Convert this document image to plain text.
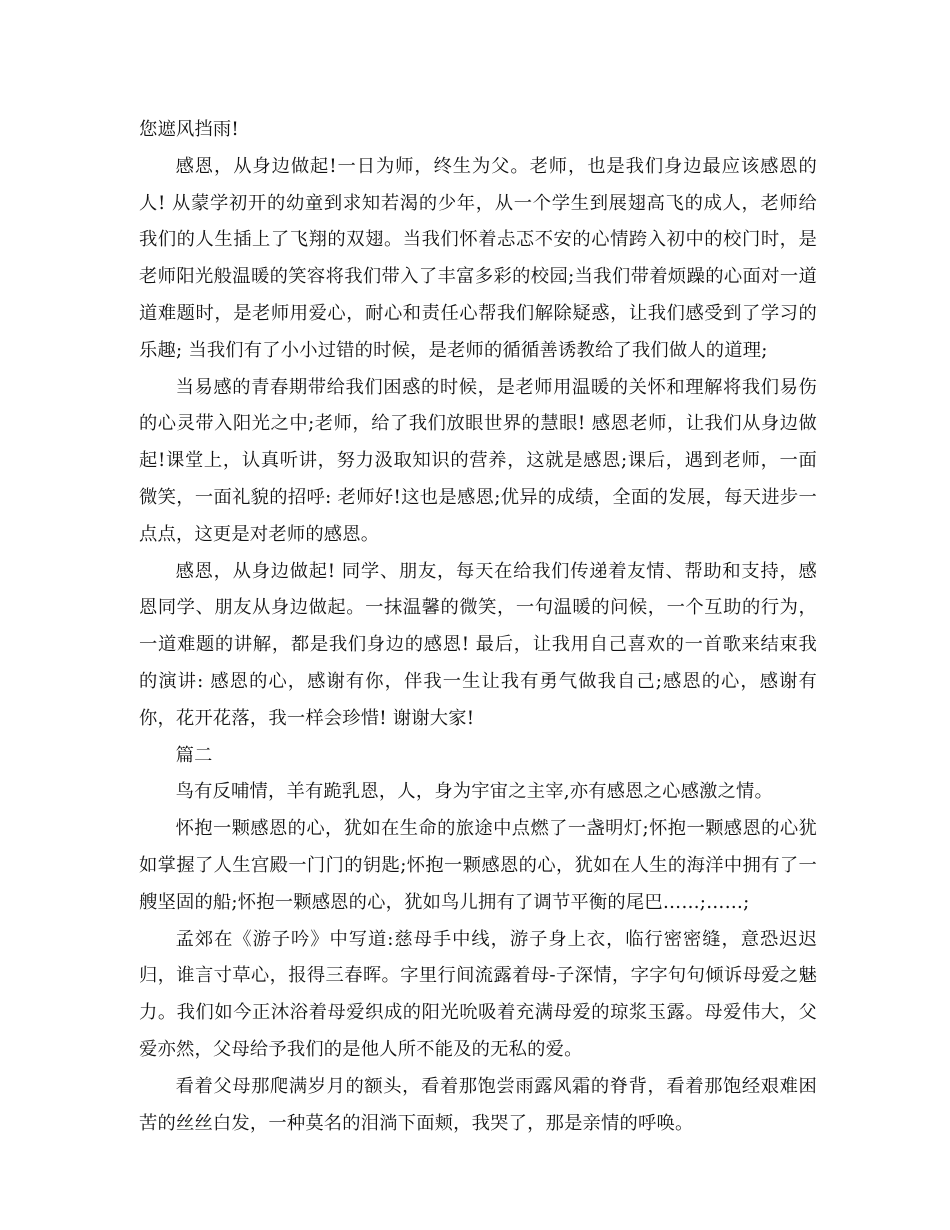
您遮风挡雨!

感恩，从身边做起!一日为师，终生为父。老师，也是我们身边最应该感恩的人! 从蒙学初开的幼童到求知若渴的少年，从一个学生到展翅高飞的成人，老师给我们的人生插上了飞翔的双翅。当我们怀着忐忑不安的心情跨入初中的校门时，是老师阳光般温暖的笑容将我们带入了丰富多彩的校园;当我们带着烦躁的心面对一道道难题时，是老师用爱心，耐心和责任心帮我们解除疑惑，让我们感受到了学习的乐趣; 当我们有了小小过错的时候，是老师的循循善诱教给了我们做人的道理;

当易感的青春期带给我们困惑的时候，是老师用温暖的关怀和理解将我们易伤的心灵带入阳光之中;老师，给了我们放眼世界的慧眼! 感恩老师，让我们从身边做起!课堂上，认真听讲，努力汲取知识的营养，这就是感恩;课后，遇到老师，一面微笑，一面礼貌的招呼: 老师好!这也是感恩;优异的成绩，全面的发展，每天进步一点点，这更是对老师的感恩。

感恩，从身边做起! 同学、朋友，每天在给我们传递着友情、帮助和支持，感恩同学、朋友从身边做起。一抹温馨的微笑，一句温暖的问候，一个互助的行为，一道难题的讲解，都是我们身边的感恩! 最后，让我用自己喜欢的一首歌来结束我的演讲: 感恩的心，感谢有你，伴我一生让我有勇气做我自己;感恩的心，感谢有你，花开花落，我一样会珍惜! 谢谢大家!

篇二

鸟有反哺情，羊有跪乳恩，人，身为宇宙之主宰,亦有感恩之心感激之情。

怀抱一颗感恩的心，犹如在生命的旅途中点燃了一盏明灯;怀抱一颗感恩的心犹如掌握了人生宫殿一门门的钥匙;怀抱一颗感恩的心，犹如在人生的海洋中拥有了一艘坚固的船;怀抱一颗感恩的心，犹如鸟儿拥有了调节平衡的尾巴……;……;

孟郊在《游子吟》中写道:慈母手中线，游子身上衣，临行密密缝，意恐迟迟归，谁言寸草心，报得三春晖。字里行间流露着母-子深情，字字句句倾诉母爱之魅力。我们如今正沐浴着母爱织成的阳光吮吸着充满母爱的琼浆玉露。母爱伟大，父爱亦然，父母给予我们的是他人所不能及的无私的爱。

看着父母那爬满岁月的额头，看着那饱尝雨露风霜的脊背，看着那饱经艰难困苦的丝丝白发，一种莫名的泪淌下面颊，我哭了，那是亲情的呼唤。
